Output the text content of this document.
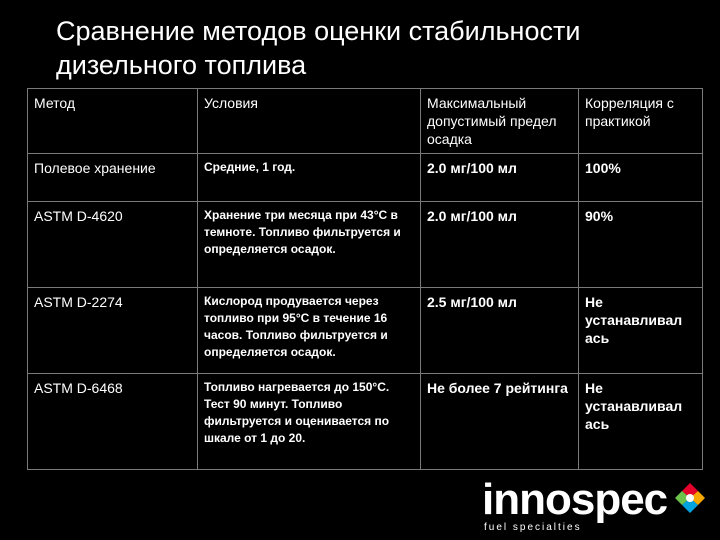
Сравнение методов оценки стабильности
дизельного топлива
Метод	Условия	Максимальный допустимый предел осадка	Корреляция с практикой
Полевое хранение	Средние, 1 год.	2.0 мг/100 мл	100%
ASTM D-4620	Хранение три месяца при 43°С в темноте. Топливо фильтруется и определяется осадок.	2.0 мг/100 мл	90%
ASTM D-2274	Кислород продувается через топливо при 95°С в течение 16 часов. Топливо фильтруется и определяется осадок.	2.5 мг/100 мл	Не устанавливал ась
ASTM D-6468	Топливо нагревается до 150°С. Тест 90 минут. Топливо фильтруется и оценивается по шкале от 1 до 20.	Не более 7 рейтинга	Не устанавливал ась
innospec
fuel specialties
